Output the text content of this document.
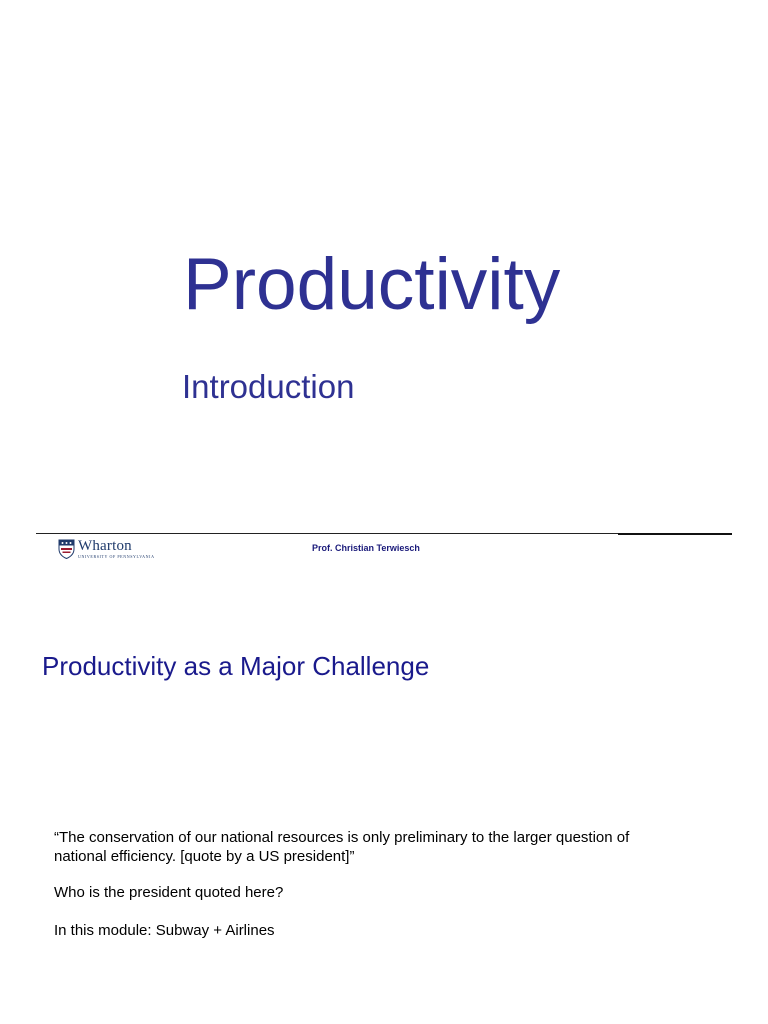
Productivity
Introduction
Wharton
UNIVERSITY OF PENNSYLVANIA

Prof. Christian Terwiesch

Productivity as a Major Challenge
“The conservation of our national resources is only preliminary to the larger question of
national efficiency. [quote by a US president]”

Who is the president quoted here?

In this module: Subway + Airlines
